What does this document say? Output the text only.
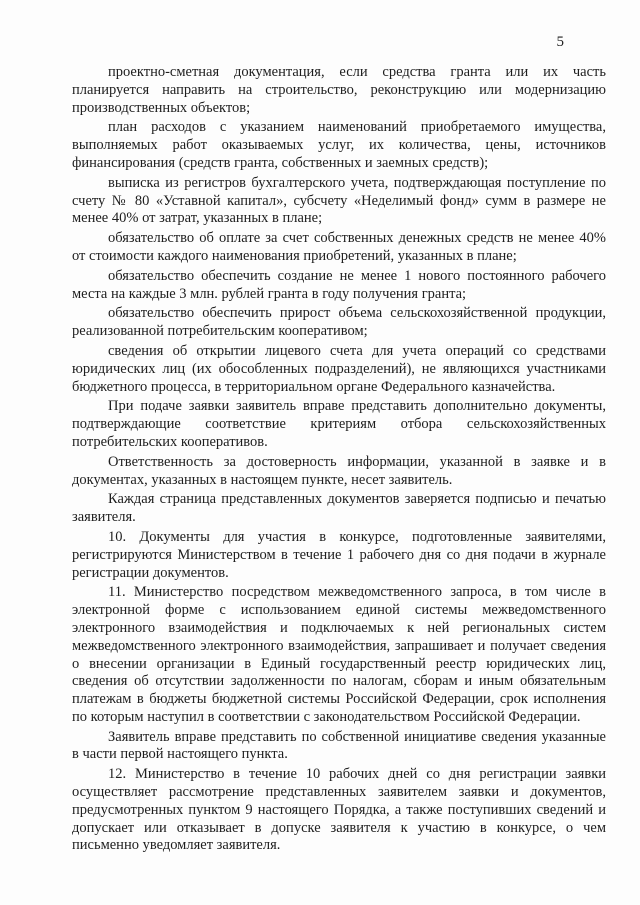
5

проектно-сметная документация, если средства гранта или их часть планируется направить на строительство, реконструкцию или модернизацию производственных объектов;

план расходов с указанием наименований приобретаемого имущества, выполняемых работ оказываемых услуг, их количества, цены, источников финансирования (средств гранта, собственных и заемных средств);

выписка из регистров бухгалтерского учета, подтверждающая поступление по счету № 80 «Уставной капитал», субсчету «Неделимый фонд» сумм в размере не менее 40% от затрат, указанных в плане;

обязательство об оплате за счет собственных денежных средств не менее 40% от стоимости каждого наименования приобретений, указанных в плане;

обязательство обеспечить создание не менее 1 нового постоянного рабочего места на каждые 3 млн. рублей гранта в году получения гранта;

обязательство обеспечить прирост объема сельскохозяйственной продукции, реализованной потребительским кооперативом;

сведения об открытии лицевого счета для учета операций со средствами юридических лиц (их обособленных подразделений), не являющихся участниками бюджетного процесса, в территориальном органе Федерального казначейства.

При подаче заявки заявитель вправе представить дополнительно документы, подтверждающие соответствие критериям отбора сельскохозяйственных потребительских кооперативов.

Ответственность за достоверность информации, указанной в заявке и в документах, указанных в настоящем пункте, несет заявитель.

Каждая страница представленных документов заверяется подписью и печатью заявителя.

10. Документы для участия в конкурсе, подготовленные заявителями, регистрируются Министерством в течение 1 рабочего дня со дня подачи в журнале регистрации документов.

11. Министерство посредством межведомственного запроса, в том числе в электронной форме с использованием единой системы межведомственного электронного взаимодействия и подключаемых к ней региональных систем межведомственного электронного взаимодействия, запрашивает и получает сведения о внесении организации в Единый государственный реестр юридических лиц, сведения об отсутствии задолженности по налогам, сборам и иным обязательным платежам в бюджеты бюджетной системы Российской Федерации, срок исполнения по которым наступил в соответствии с законодательством Российской Федерации.

Заявитель вправе представить по собственной инициативе сведения указанные в части первой настоящего пункта.

12. Министерство в течение 10 рабочих дней со дня регистрации заявки осуществляет рассмотрение представленных заявителем заявки и документов, предусмотренных пунктом 9 настоящего Порядка, а также поступивших сведений и допускает или отказывает в допуске заявителя к участию в конкурсе, о чем письменно уведомляет заявителя.
